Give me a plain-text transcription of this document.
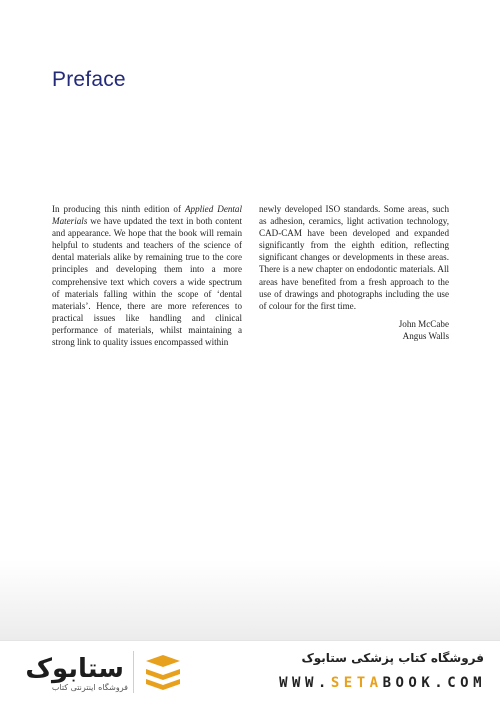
Preface

In producing this ninth edition of Applied Dental Materials we have updated the text in both content and appearance. We hope that the book will remain helpful to students and teachers of the science of dental materials alike by remaining true to the core principles and developing them into a more comprehensive text which covers a wide spectrum of materials falling within the scope of ‘dental materials’. Hence, there are more references to practical issues like handling and clinical performance of materials, whilst maintaining a strong link to quality issues encompassed within

newly developed ISO standards. Some areas, such as adhesion, ceramics, light activation technology, CAD-CAM have been developed and expanded significantly from the eighth edition, reflecting significant changes or developments in these areas. There is a new chapter on endodontic materials. All areas have benefited from a fresh approach to the use of drawings and photographs including the use of colour for the first time.

John McCabe
Angus Walls
ستابوک
فروشگاه اینترنتی کتاب
فروشگاه کتاب پزشکی ستابوک
WWW.SETABOOK.COM
